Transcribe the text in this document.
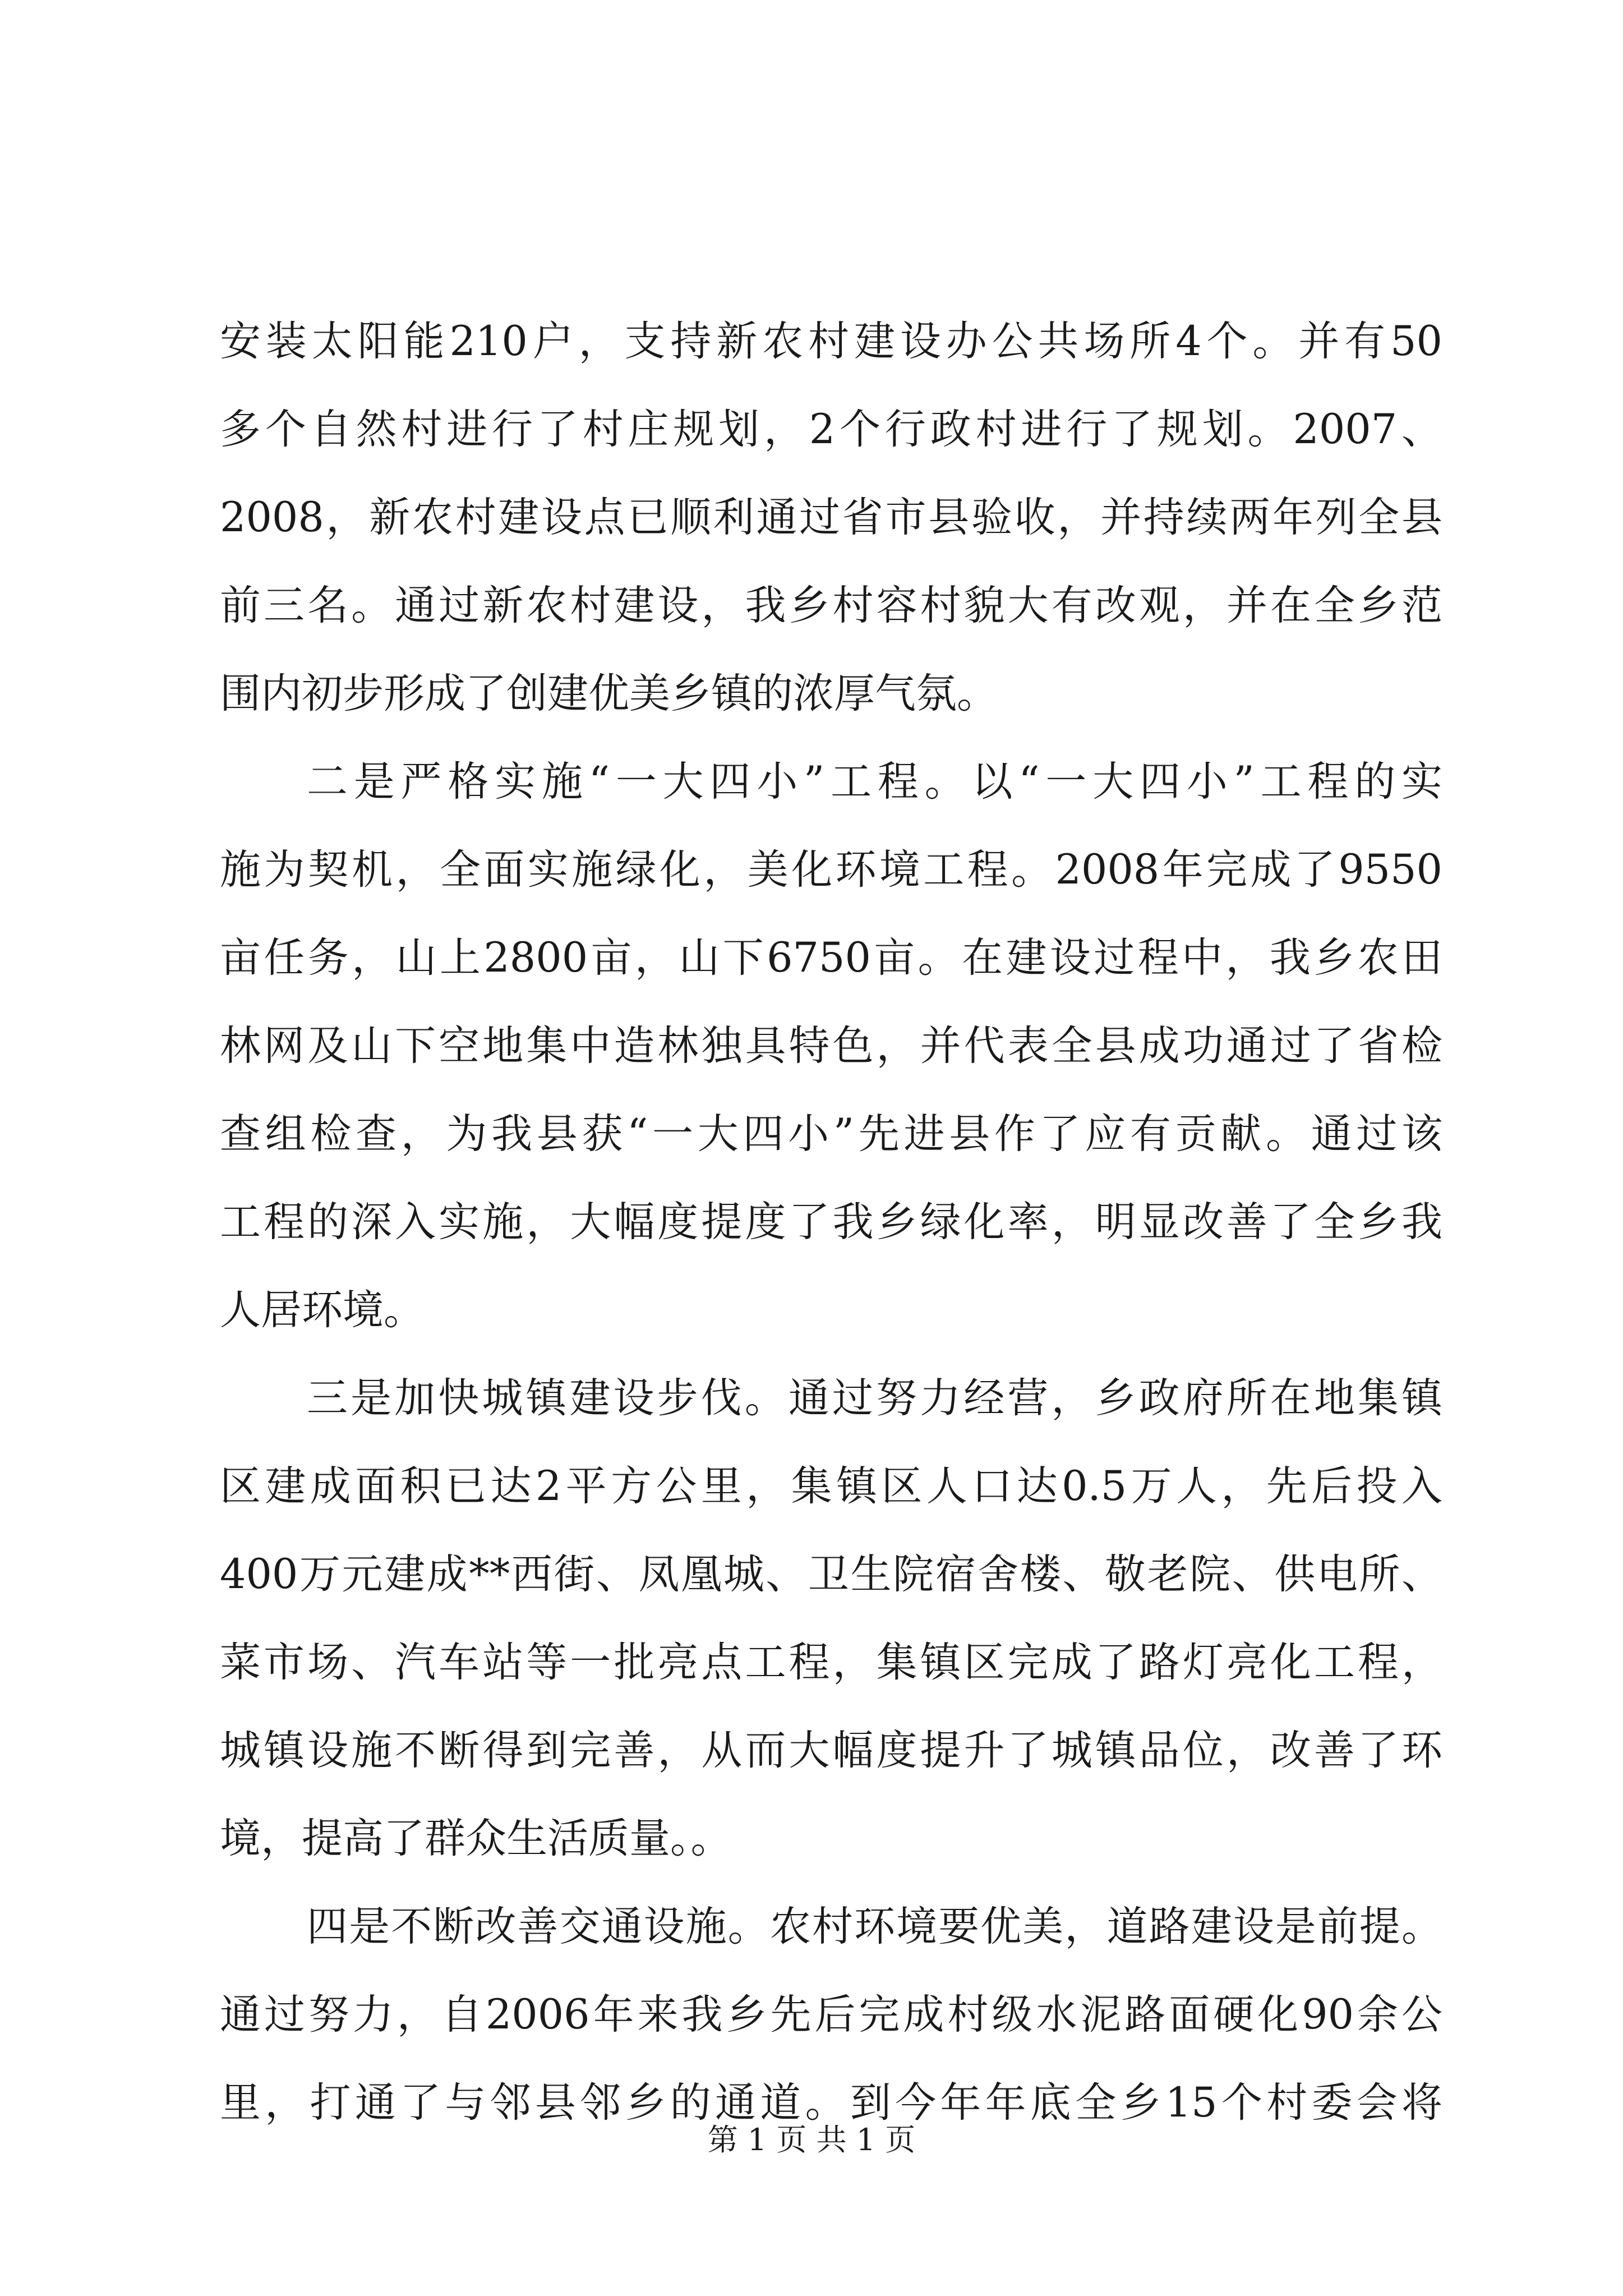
安装太阳能210户，支持新农村建设办公共场所4个。并有50
多个自然村进行了村庄规划，2个行政村进行了规划。2007、
2008，新农村建设点已顺利通过省市县验收，并持续两年列全县
前三名。通过新农村建设，我乡村容村貌大有改观，并在全乡范
围内初步形成了创建优美乡镇的浓厚气氛。
二是严格实施“一大四小”工程。以“一大四小”工程的实
施为契机，全面实施绿化，美化环境工程。2008年完成了9550
亩任务，山上2800亩，山下6750亩。在建设过程中，我乡农田
林网及山下空地集中造林独具特色，并代表全县成功通过了省检
查组检查，为我县获“一大四小”先进县作了应有贡献。通过该
工程的深入实施，大幅度提度了我乡绿化率，明显改善了全乡我
人居环境。
三是加快城镇建设步伐。通过努力经营，乡政府所在地集镇
区建成面积已达2平方公里，集镇区人口达0.5万人，先后投入
400万元建成**西街、凤凰城、卫生院宿舍楼、敬老院、供电所、
菜市场、汽车站等一批亮点工程，集镇区完成了路灯亮化工程，
城镇设施不断得到完善，从而大幅度提升了城镇品位，改善了环
境，提高了群众生活质量。。
四是不断改善交通设施。农村环境要优美，道路建设是前提。
通过努力，自2006年来我乡先后完成村级水泥路面硬化90余公
里，打通了与邻县邻乡的通道。到今年年底全乡15个村委会将
第 1 页 共 1 页
